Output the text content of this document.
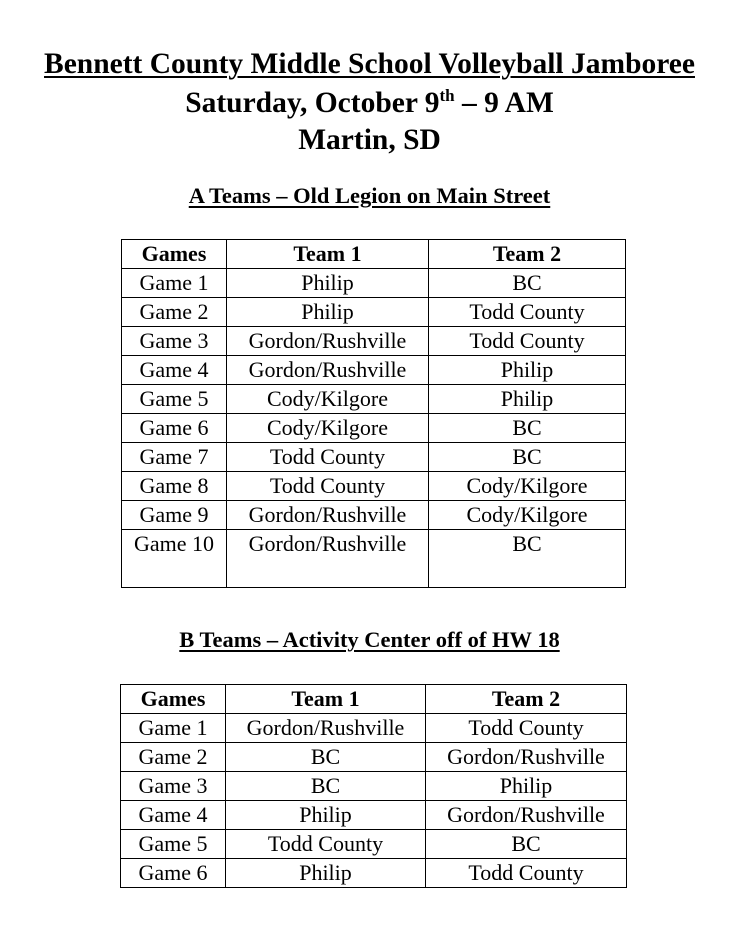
Bennett County Middle School Volleyball Jamboree
Saturday, October 9th – 9 AM
Martin, SD
A Teams – Old Legion on Main Street
Games	Team 1	Team 2
Game 1	Philip	BC
Game 2	Philip	Todd County
Game 3	Gordon/Rushville	Todd County
Game 4	Gordon/Rushville	Philip
Game 5	Cody/Kilgore	Philip
Game 6	Cody/Kilgore	BC
Game 7	Todd County	BC
Game 8	Todd County	Cody/Kilgore
Game 9	Gordon/Rushville	Cody/Kilgore
Game 10	Gordon/Rushville	BC
B Teams – Activity Center off of HW 18
Games	Team 1	Team 2
Game 1	Gordon/Rushville	Todd County
Game 2	BC	Gordon/Rushville
Game 3	BC	Philip
Game 4	Philip	Gordon/Rushville
Game 5	Todd County	BC
Game 6	Philip	Todd County
